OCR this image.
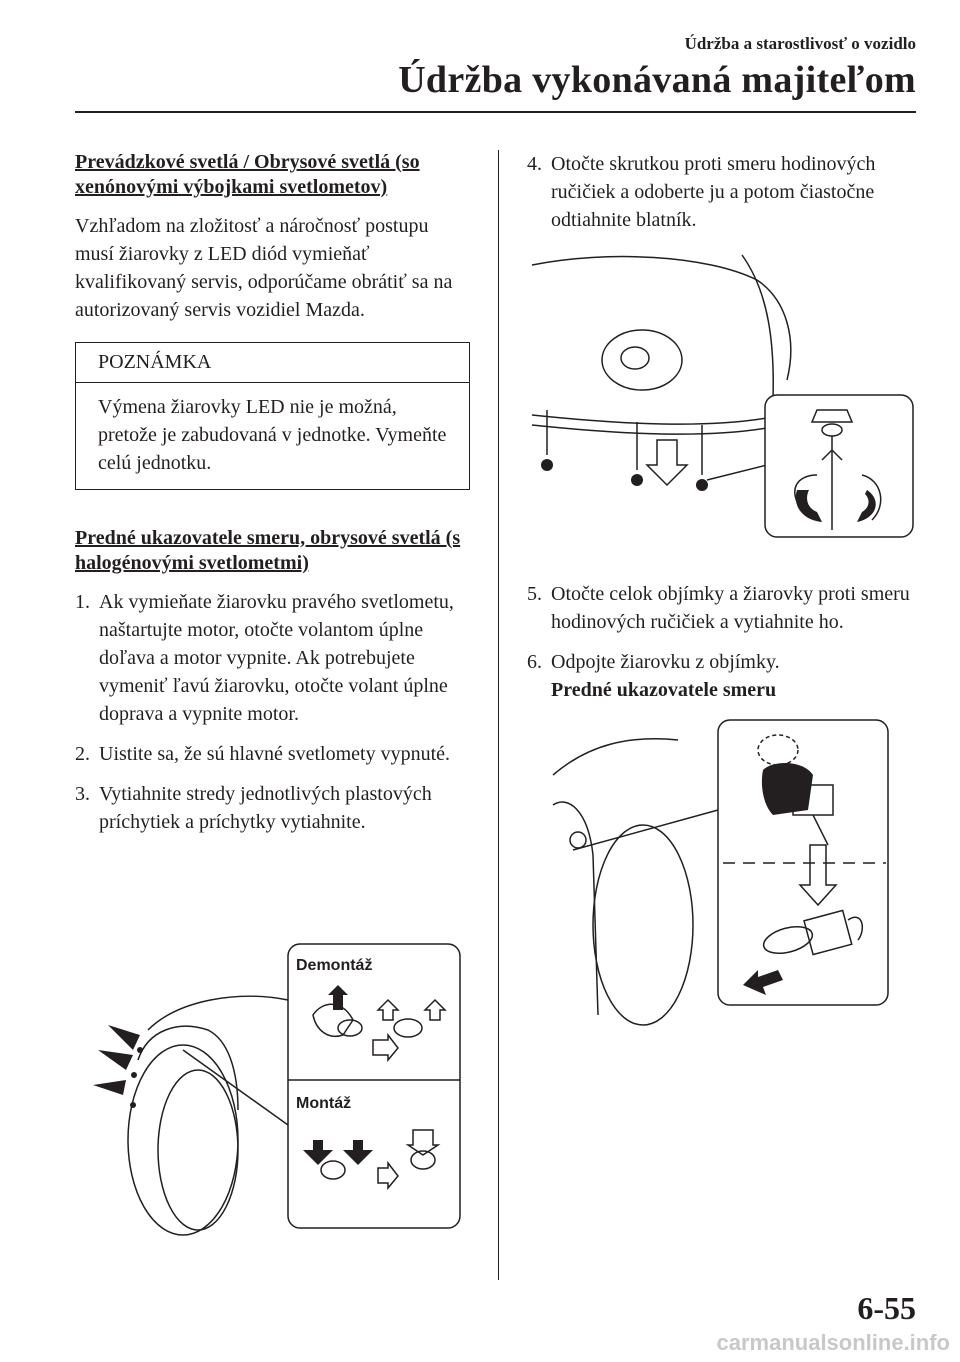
Údržba a starostlivosť o vozidlo
Údržba vykonávaná majiteľom
Prevádzkové svetlá / Obrysové svetlá (so xenónovými výbojkami svetlometov)

Vzhľadom na zložitosť a náročnosť postupu musí žiarovky z LED diód vymieňať kvalifikovaný servis, odporúčame obrátiť sa na autorizovaný servis vozidiel Mazda.

POZNÁMKA
Výmena žiarovky LED nie je možná, pretože je zabudovaná v jednotke. Vymeňte celú jednotku.
Predné ukazovatele smeru, obrysové svetlá (s halogénovými svetlometmi)
1. Ak vymieňate žiarovku pravého svetlometu, naštartujte motor, otočte volantom úplne doľava a motor vypnite. Ak potrebujete vymeniť ľavú žiarovku, otočte volant úplne doprava a vypnite motor.
2. Uistite sa, že sú hlavné svetlomety vypnuté.
3. Vytiahnite stredy jednotlivých plastových príchytiek a príchytky vytiahnite.
Demontáž
Montáž
4. Otočte skrutkou proti smeru hodinových ručičiek a odoberte ju a potom čiastočne odtiahnite blatník.
5. Otočte celok objímky a žiarovky proti smeru hodinových ručičiek a vytiahnite ho.
6. Odpojte žiarovku z objímky.
Predné ukazovatele smeru
6-55
carmanualsonline.info
